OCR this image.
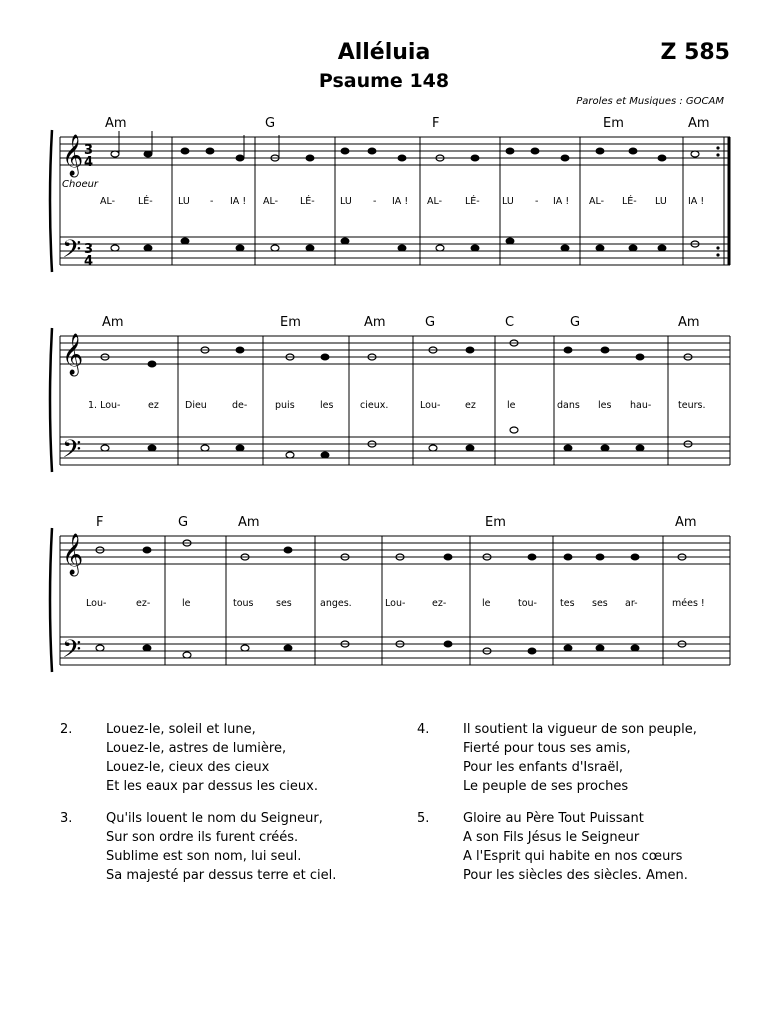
Alléluia
Psaume 148
Z 585
Paroles et Musiques : GOCAM
𝄞
𝄢
Am	G	F	Em	Am
Choeur
3
4
3
4
AL- LÉ-	LU - IA ! AL- LÉ-	LU - IA ! AL- LÉ- LU - IA ! AL- LÉ- LU IA !
𝄞
𝄢
Am	Em	Am	G	C	G	Am
1. Lou-	ez	Dieu	de-	puis	les	cieux.	Lou-	ez	le	dans les hau-	teurs.
𝄞
𝄢
F	G	Am	Em	Am
Lou-	ez-	le	tous ses	anges.	Lou-	ez-	le	tou- tes ses ar-	mées !
2.	Louez-le, soleil et lune,
Louez-le, astres de lumière,
Louez-le, cieux des cieux
Et les eaux par dessus les cieux.
3.	Qu'ils louent le nom du Seigneur,
Sur son ordre ils furent créés.
Sublime est son nom, lui seul.
Sa majesté par dessus terre et ciel.
4.	Il soutient la vigueur de son peuple,
Fierté pour tous ses amis,
Pour les enfants d'Israël,
Le peuple de ses proches
5.	Gloire au Père Tout Puissant
A son Fils Jésus le Seigneur
A l'Esprit qui habite en nos cœurs
Pour les siècles des siècles. Amen.
